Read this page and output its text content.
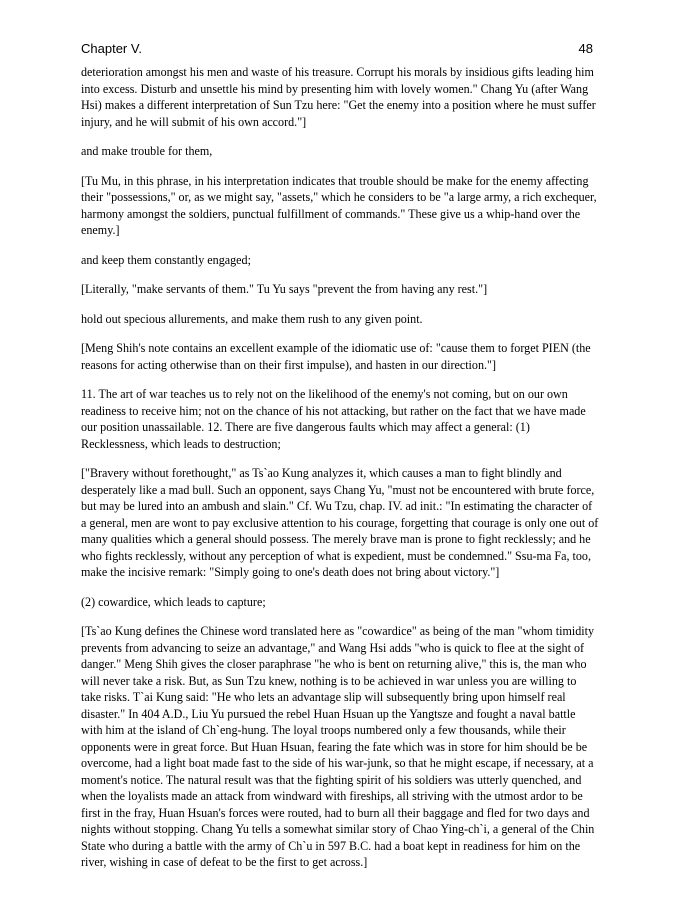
Chapter V.	48

deterioration amongst his men and waste of his treasure. Corrupt his morals by insidious gifts leading him into excess. Disturb and unsettle his mind by presenting him with lovely women." Chang Yu (after Wang Hsi) makes a different interpretation of Sun Tzu here: "Get the enemy into a position where he must suffer injury, and he will submit of his own accord."]

and make trouble for them,

[Tu Mu, in this phrase, in his interpretation indicates that trouble should be make for the enemy affecting their "possessions," or, as we might say, "assets," which he considers to be "a large army, a rich exchequer, harmony amongst the soldiers, punctual fulfillment of commands." These give us a whip-hand over the enemy.]

and keep them constantly engaged;

[Literally, "make servants of them." Tu Yu says "prevent the from having any rest."]

hold out specious allurements, and make them rush to any given point.

[Meng Shih's note contains an excellent example of the idiomatic use of: "cause them to forget PIEN (the reasons for acting otherwise than on their first impulse), and hasten in our direction."]

11. The art of war teaches us to rely not on the likelihood of the enemy's not coming, but on our own readiness to receive him; not on the chance of his not attacking, but rather on the fact that we have made our position unassailable. 12. There are five dangerous faults which may affect a general: (1) Recklessness, which leads to destruction;

["Bravery without forethought," as Ts`ao Kung analyzes it, which causes a man to fight blindly and desperately like a mad bull. Such an opponent, says Chang Yu, "must not be encountered with brute force, but may be lured into an ambush and slain." Cf. Wu Tzu, chap. IV. ad init.: "In estimating the character of a general, men are wont to pay exclusive attention to his courage, forgetting that courage is only one out of many qualities which a general should possess. The merely brave man is prone to fight recklessly; and he who fights recklessly, without any perception of what is expedient, must be condemned." Ssu-ma Fa, too, make the incisive remark: "Simply going to one's death does not bring about victory."]

(2) cowardice, which leads to capture;

[Ts`ao Kung defines the Chinese word translated here as "cowardice" as being of the man "whom timidity prevents from advancing to seize an advantage," and Wang Hsi adds "who is quick to flee at the sight of danger." Meng Shih gives the closer paraphrase "he who is bent on returning alive," this is, the man who will never take a risk. But, as Sun Tzu knew, nothing is to be achieved in war unless you are willing to take risks. T`ai Kung said: "He who lets an advantage slip will subsequently bring upon himself real disaster." In 404 A.D., Liu Yu pursued the rebel Huan Hsuan up the Yangtsze and fought a naval battle with him at the island of Ch`eng-hung. The loyal troops numbered only a few thousands, while their opponents were in great force. But Huan Hsuan, fearing the fate which was in store for him should be be overcome, had a light boat made fast to the side of his war-junk, so that he might escape, if necessary, at a moment's notice. The natural result was that the fighting spirit of his soldiers was utterly quenched, and when the loyalists made an attack from windward with fireships, all striving with the utmost ardor to be first in the fray, Huan Hsuan's forces were routed, had to burn all their baggage and fled for two days and nights without stopping. Chang Yu tells a somewhat similar story of Chao Ying-ch`i, a general of the Chin State who during a battle with the army of Ch`u in 597 B.C. had a boat kept in readiness for him on the river, wishing in case of defeat to be the first to get across.]
